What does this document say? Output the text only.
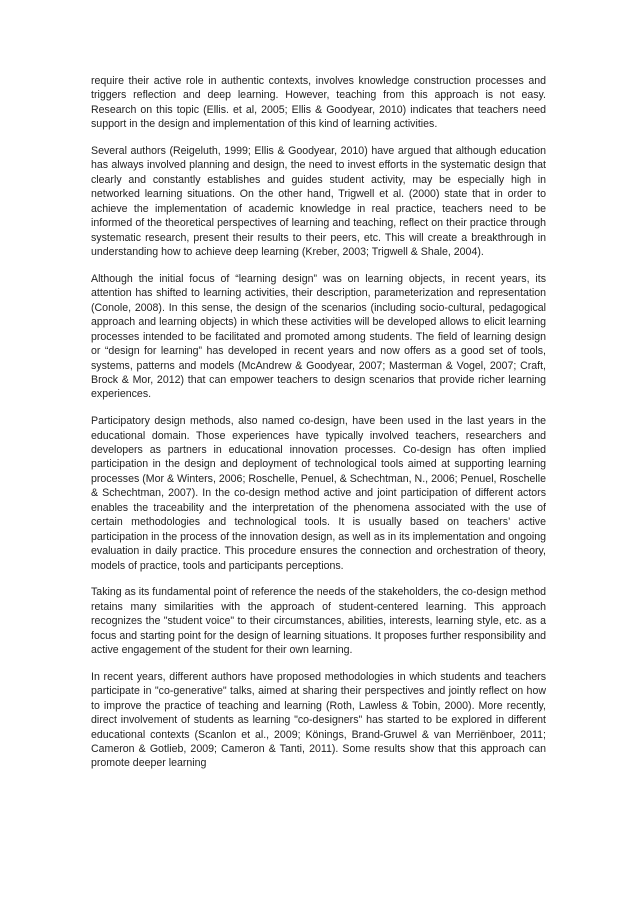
require their active role in authentic contexts, involves knowledge construction processes and triggers reflection and deep learning. However, teaching from this approach is not easy. Research on this topic (Ellis. et al, 2005; Ellis & Goodyear, 2010) indicates that teachers need support in the design and implementation of this kind of learning activities.

Several authors (Reigeluth, 1999; Ellis & Goodyear, 2010) have argued that although education has always involved planning and design, the need to invest efforts in the systematic design that clearly and constantly establishes and guides student activity, may be especially high in networked learning situations. On the other hand, Trigwell et al. (2000) state that in order to achieve the implementation of academic knowledge in real practice, teachers need to be informed of the theoretical perspectives of learning and teaching, reflect on their practice through systematic research, present their results to their peers, etc. This will create a breakthrough in understanding how to achieve deep learning (Kreber, 2003; Trigwell & Shale, 2004).

Although the initial focus of “learning design” was on learning objects, in recent years, its attention has shifted to learning activities, their description, parameterization and representation (Conole, 2008). In this sense, the design of the scenarios (including socio-cultural, pedagogical approach and learning objects) in which these activities will be developed allows to elicit learning processes intended to be facilitated and promoted among students. The field of learning design or “design for learning” has developed in recent years and now offers as a good set of tools, systems, patterns and models (McAndrew & Goodyear, 2007; Masterman & Vogel, 2007; Craft, Brock & Mor, 2012) that can empower teachers to design scenarios that provide richer learning experiences.

Participatory design methods, also named co-design, have been used in the last years in the educational domain. Those experiences have typically involved teachers, researchers and developers as partners in educational innovation processes. Co-design has often implied participation in the design and deployment of technological tools aimed at supporting learning processes (Mor & Winters, 2006; Roschelle, Penuel, & Schechtman, N., 2006; Penuel, Roschelle & Schechtman, 2007). In the co-design method active and joint participation of different actors enables the traceability and the interpretation of the phenomena associated with the use of certain methodologies and technological tools. It is usually based on teachers’ active participation in the process of the innovation design, as well as in its implementation and ongoing evaluation in daily practice. This procedure ensures the connection and orchestration of theory, models of practice, tools and participants perceptions.

Taking as its fundamental point of reference the needs of the stakeholders, the co-design method retains many similarities with the approach of student-centered learning. This approach recognizes the "student voice" to their circumstances, abilities, interests, learning style, etc. as a focus and starting point for the design of learning situations. It proposes further responsibility and active engagement of the student for their own learning.

In recent years, different authors have proposed methodologies in which students and teachers participate in "co-generative" talks, aimed at sharing their perspectives and jointly reflect on how to improve the practice of teaching and learning (Roth, Lawless & Tobin, 2000). More recently, direct involvement of students as learning "co-designers" has started to be explored in different educational contexts (Scanlon et al., 2009; Könings, Brand-Gruwel & van Merriënboer, 2011; Cameron & Gotlieb, 2009; Cameron & Tanti, 2011). Some results show that this approach can promote deeper learning
